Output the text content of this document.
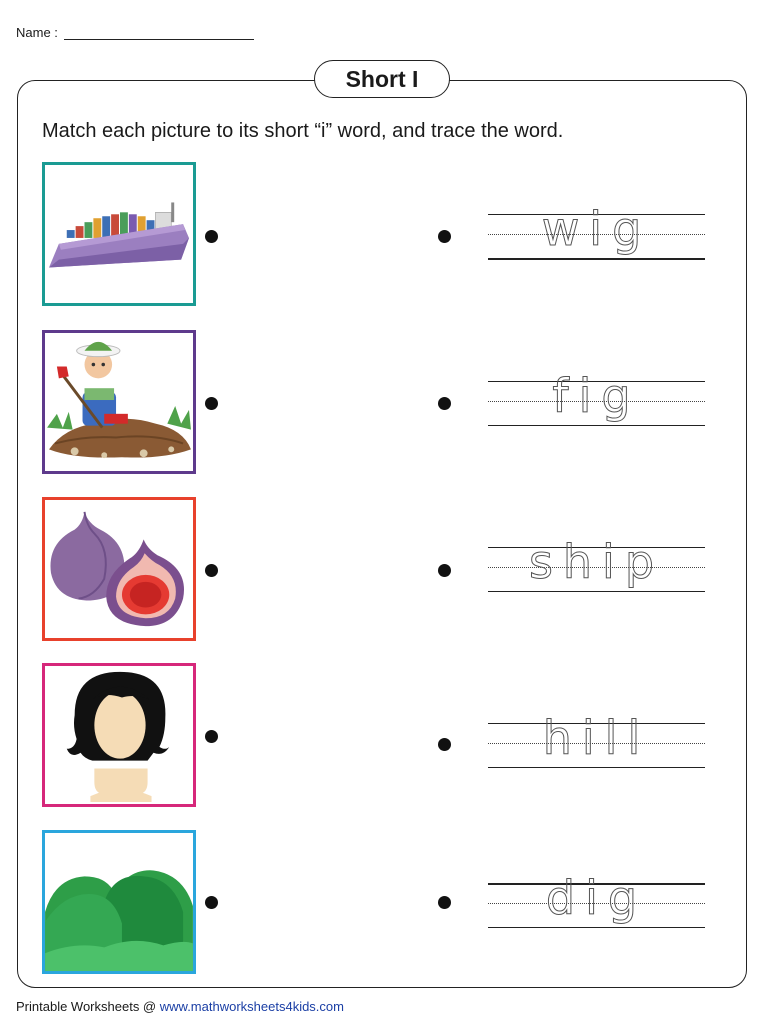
Name :
Short I
Match each picture to its short “i” word, and trace the word.
wig
fig
ship
hill
dig
Printable Worksheets @ www.mathworksheets4kids.com
